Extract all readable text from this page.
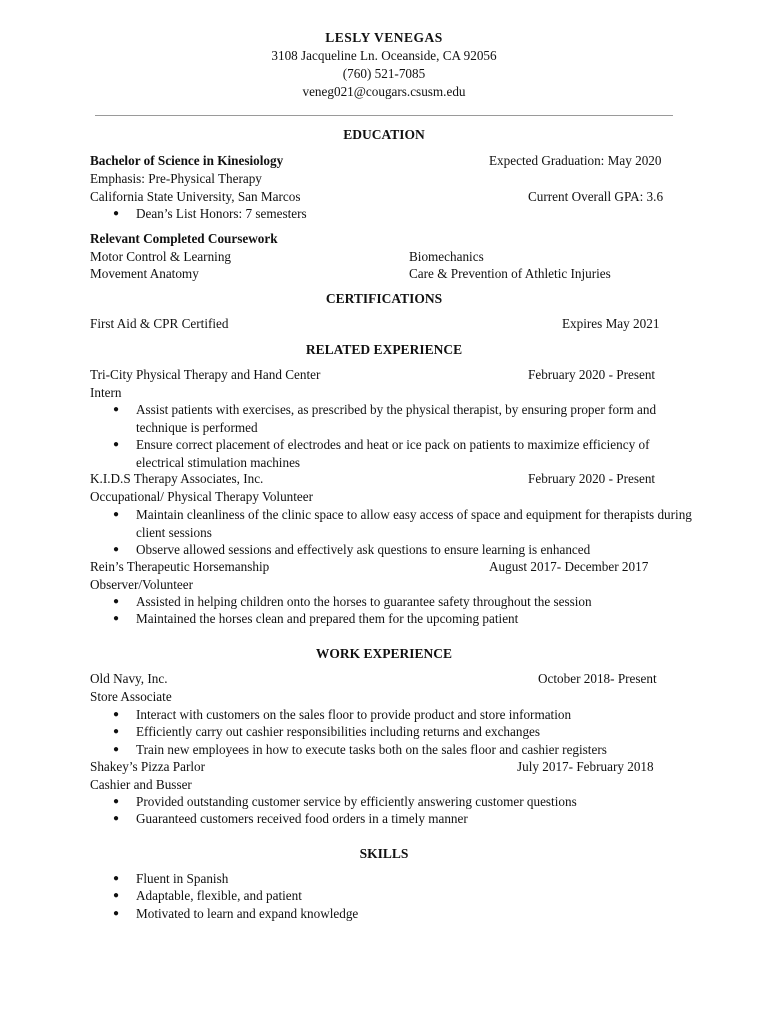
LESLY VENEGAS
3108 Jacqueline Ln. Oceanside, CA 92056
(760) 521-7085
veneg021@cougars.csusm.edu
EDUCATION
Bachelor of Science in Kinesiology	Expected Graduation: May 2020
Emphasis: Pre-Physical Therapy
California State University, San Marcos	Current Overall GPA: 3.6
●	Dean’s List Honors: 7 semesters
Relevant Completed Coursework
Motor Control & Learning	Biomechanics
Movement Anatomy	Care & Prevention of Athletic Injuries
CERTIFICATIONS
First Aid & CPR Certified	Expires May 2021
RELATED EXPERIENCE
Tri-City Physical Therapy and Hand Center	February 2020 - Present
Intern
●	Assist patients with exercises, as prescribed by the physical therapist, by ensuring proper form and technique is performed
●	Ensure correct placement of electrodes and heat or ice pack on patients to maximize efficiency of electrical stimulation machines
K.I.D.S Therapy Associates, Inc.	February 2020 - Present
Occupational/ Physical Therapy Volunteer
●	Maintain cleanliness of the clinic space to allow easy access of space and equipment for therapists during client sessions
●	Observe allowed sessions and effectively ask questions to ensure learning is enhanced
Rein’s Therapeutic Horsemanship	August 2017- December 2017
Observer/Volunteer
●	Assisted in helping children onto the horses to guarantee safety throughout the session
●	Maintained the horses clean and prepared them for the upcoming patient
WORK EXPERIENCE
Old Navy, Inc.	October 2018- Present
Store Associate
●	Interact with customers on the sales floor to provide product and store information
●	Efficiently carry out cashier responsibilities including returns and exchanges
●	Train new employees in how to execute tasks both on the sales floor and cashier registers
Shakey’s Pizza Parlor	July 2017- February 2018
Cashier and Busser
●	Provided outstanding customer service by efficiently answering customer questions
●	Guaranteed customers received food orders in a timely manner
SKILLS
●	Fluent in Spanish
●	Adaptable, flexible, and patient
●	Motivated to learn and expand knowledge
